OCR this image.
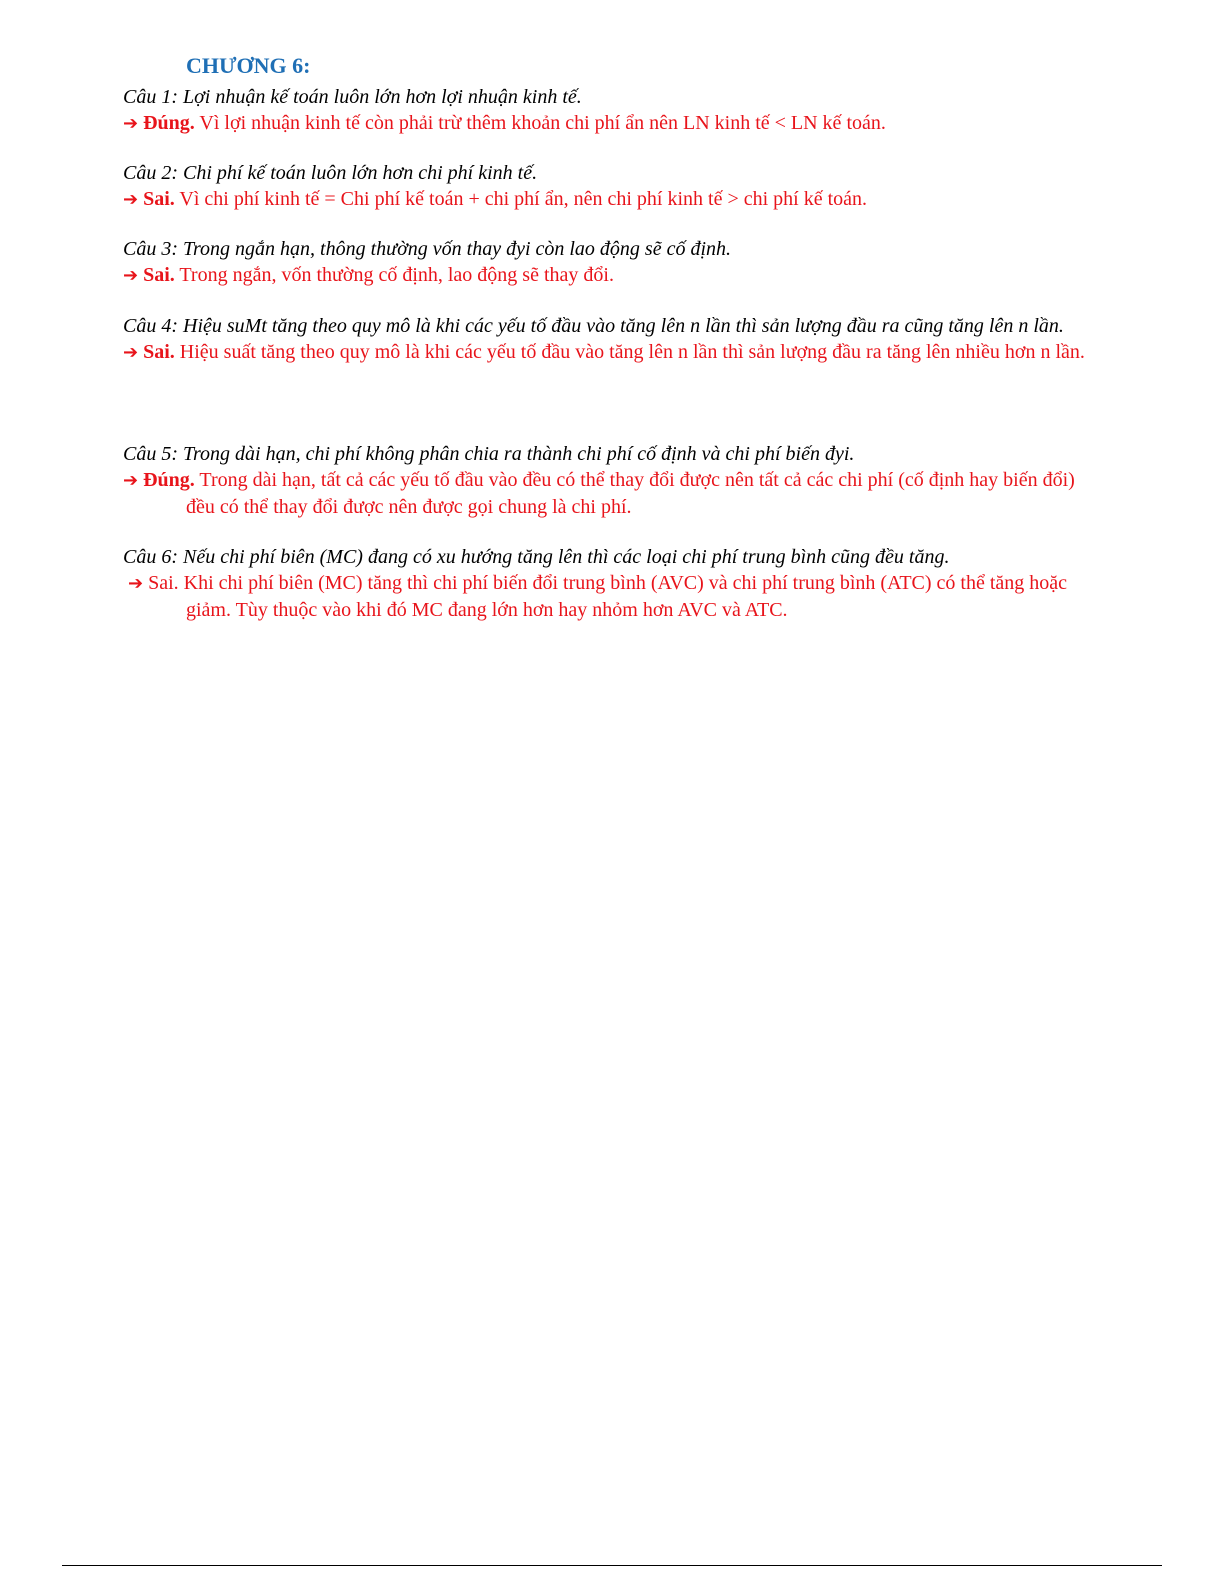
CHƯƠNG 6:

Câu 1: Lợi nhuận kế toán luôn lớn hơn lợi nhuận kinh tế.

➔ Đúng. Vì lợi nhuận kinh tế còn phải trừ thêm khoản chi phí ẩn nên LN kinh tế < LN kế toán.

Câu 2: Chi phí kế toán luôn lớn hơn chi phí kinh tế.

➔ Sai. Vì chi phí kinh tế = Chi phí kế toán + chi phí ẩn, nên chi phí kinh tế > chi phí kế toán.

Câu 3: Trong ngắn hạn, thông thường vốn thay đyi còn lao động sẽ cố định.

➔ Sai. Trong ngắn, vốn thường cố định, lao động sẽ thay đổi.

Câu 4: Hiệu suMt tăng theo quy mô là khi các yếu tố đầu vào tăng lên n lần thì sản lượng đầu ra cũng tăng lên n lần.

➔ Sai. Hiệu suất tăng theo quy mô là khi các yếu tố đầu vào tăng lên n lần thì sản lượng đầu ra tăng lên nhiều hơn n lần.

Câu 5: Trong dài hạn, chi phí không phân chia ra thành chi phí cố định và chi phí biến đyi.

➔ Đúng. Trong dài hạn, tất cả các yếu tố đầu vào đều có thể thay đổi được nên tất cả các chi phí (cố định hay biến đổi) đều có thể thay đổi được nên được gọi chung là chi phí.

Câu 6: Nếu chi phí biên (MC) đang có xu hướng tăng lên thì các loại chi phí trung bình cũng đều tăng.

➔ Sai. Khi chi phí biên (MC) tăng thì chi phí biến đổi trung bình (AVC) và chi phí trung bình (ATC) có thể tăng hoặc giảm. Tùy thuộc vào khi đó MC đang lớn hơn hay nhỏm hơn AVC và ATC.
